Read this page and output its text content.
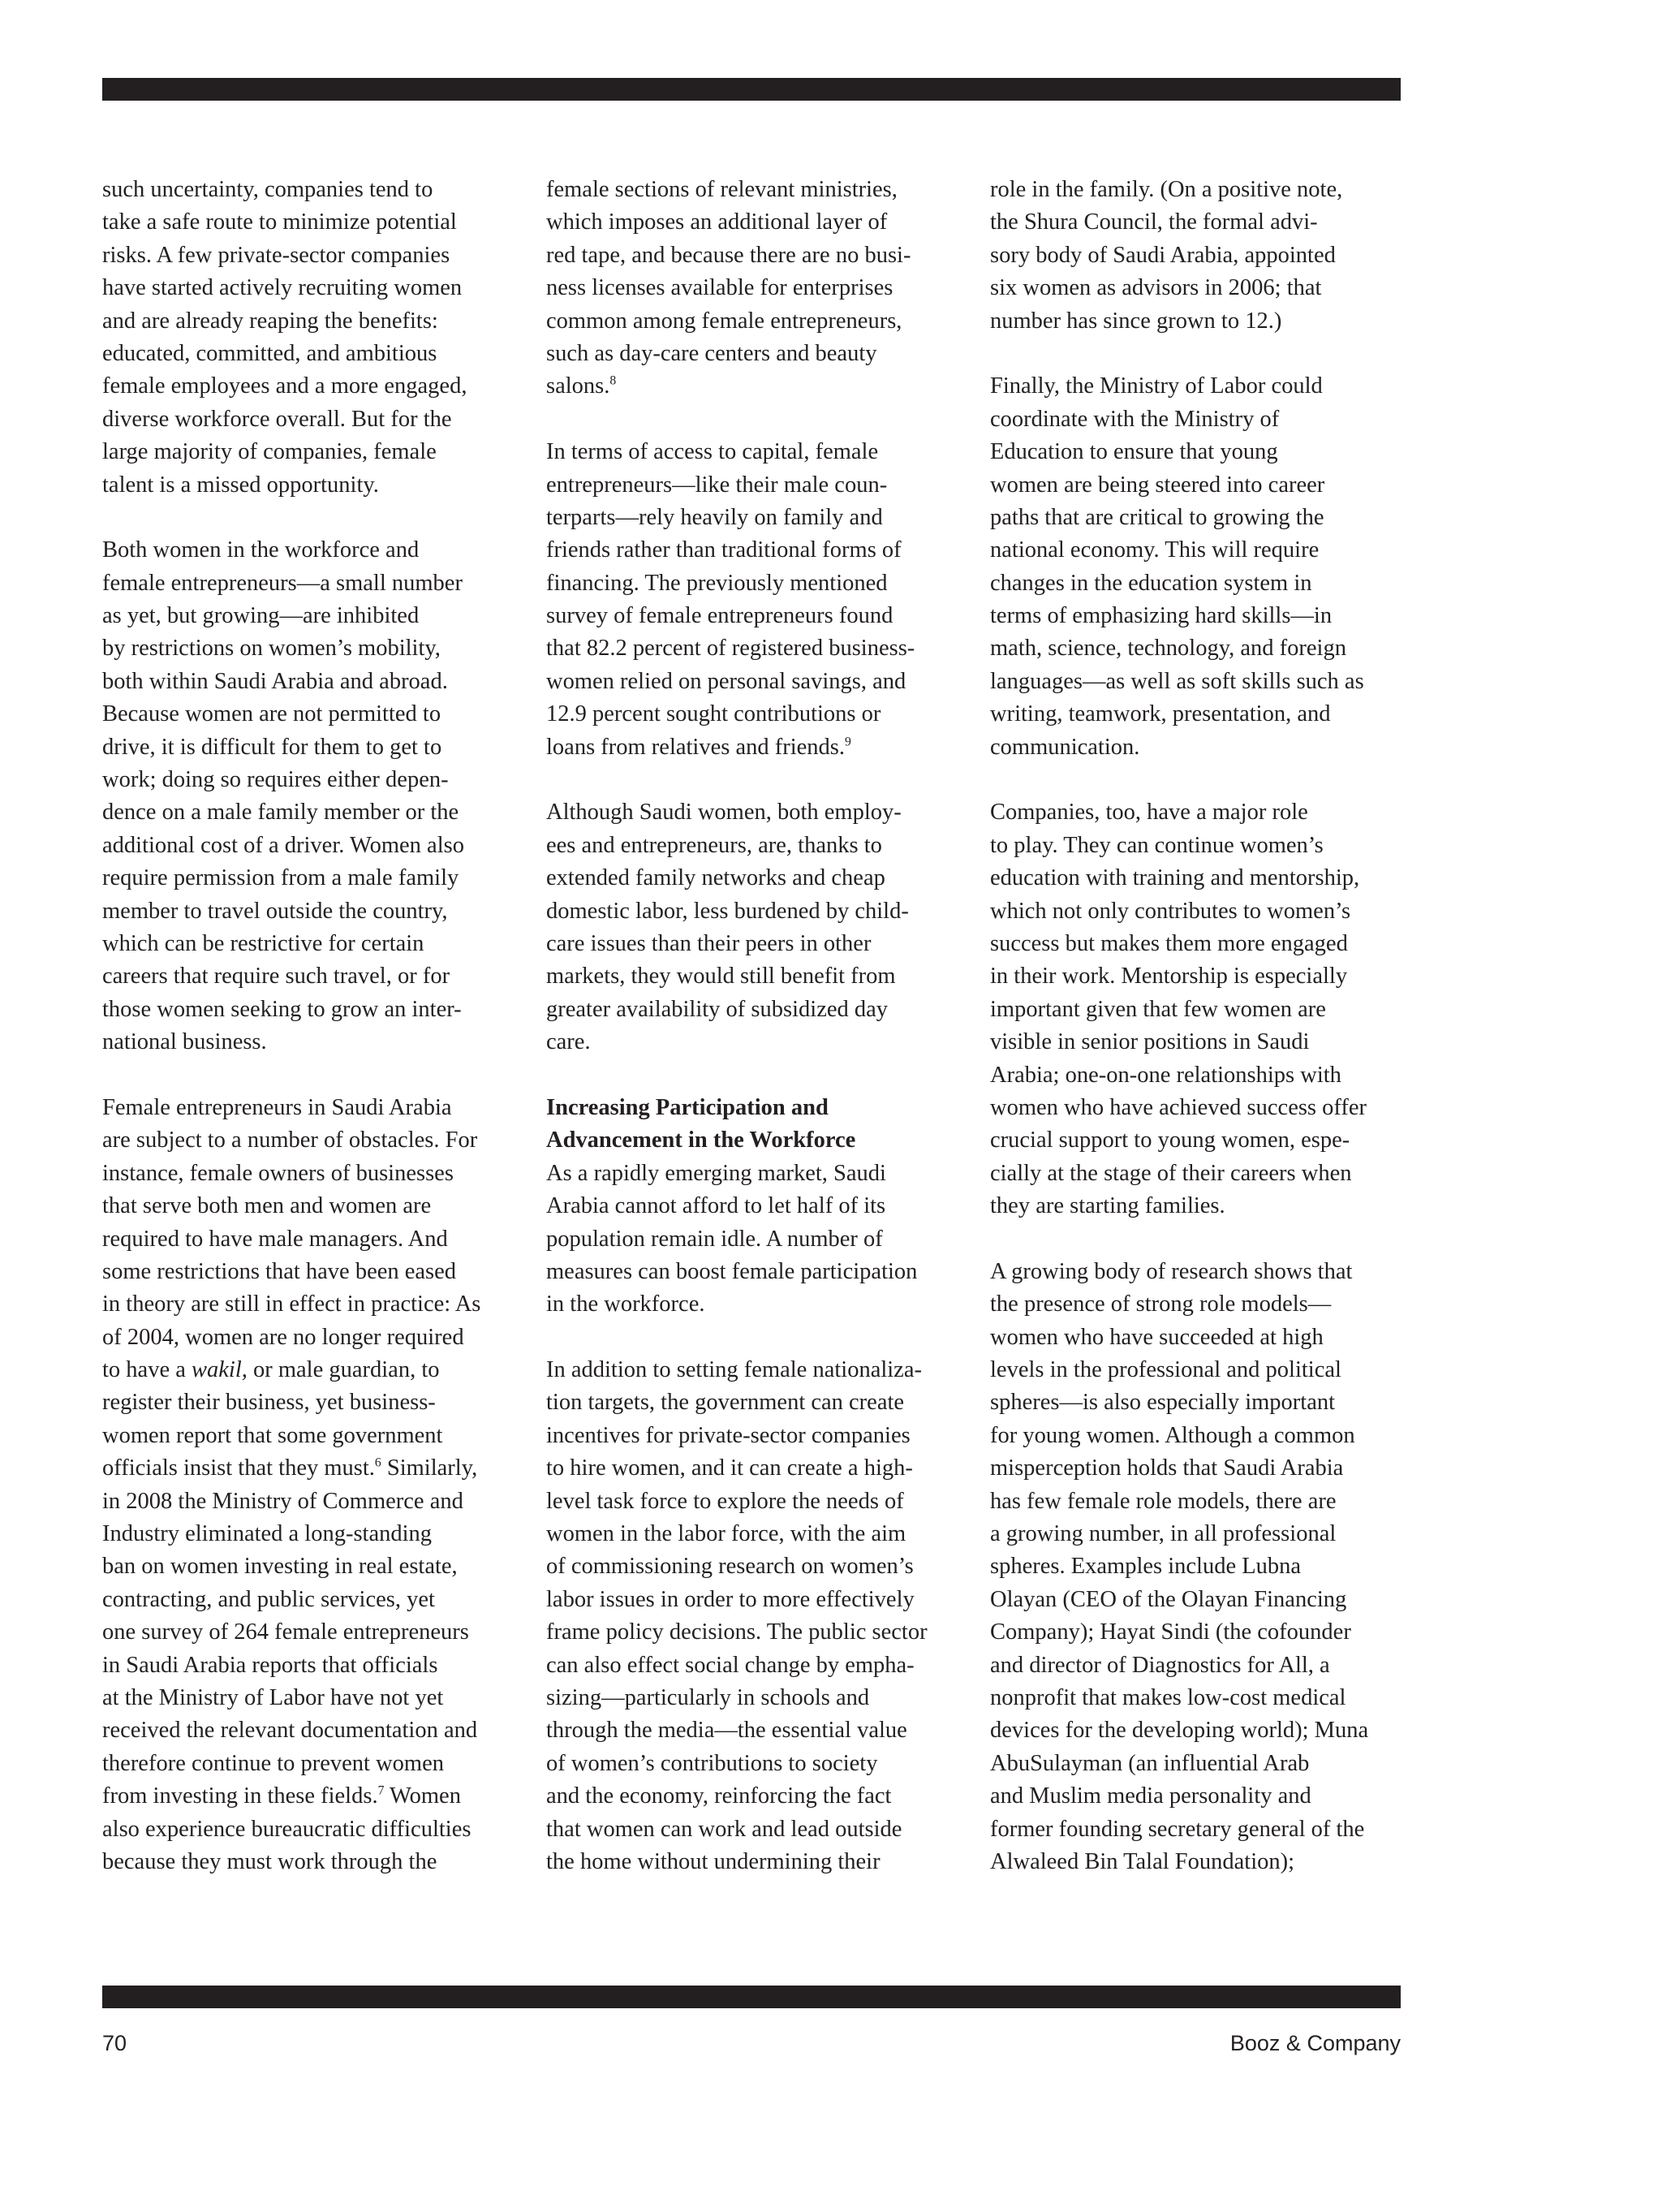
such uncertainty, companies tend to
take a safe route to minimize potential
risks. A few private-sector companies
have started actively recruiting women
and are already reaping the benefits:
educated, committed, and ambitious
female employees and a more engaged,
diverse workforce overall. But for the
large majority of companies, female
talent is a missed opportunity.
Both women in the workforce and
female entrepreneurs—a small number
as yet, but growing—are inhibited
by restrictions on women’s mobility,
both within Saudi Arabia and abroad.
Because women are not permitted to
drive, it is difficult for them to get to
work; doing so requires either depen-
dence on a male family member or the
additional cost of a driver. Women also
require permission from a male family
member to travel outside the country,
which can be restrictive for certain
careers that require such travel, or for
those women seeking to grow an inter-
national business.
Female entrepreneurs in Saudi Arabia
are subject to a number of obstacles. For
instance, female owners of businesses
that serve both men and women are
required to have male managers. And
some restrictions that have been eased
in theory are still in effect in practice: As
of 2004, women are no longer required
to have a wakil, or male guardian, to
register their business, yet business-
women report that some government
officials insist that they must.$^6$ Similarly,
in 2008 the Ministry of Commerce and
Industry eliminated a long-standing
ban on women investing in real estate,
contracting, and public services, yet
one survey of 264 female entrepreneurs
in Saudi Arabia reports that officials
at the Ministry of Labor have not yet
received the relevant documentation and
therefore continue to prevent women
from investing in these fields.$^7$ Women
also experience bureaucratic difficulties
because they must work through the
female sections of relevant ministries,
which imposes an additional layer of
red tape, and because there are no busi-
ness licenses available for enterprises
common among female entrepreneurs,
such as day-care centers and beauty
salons.$^8$
In terms of access to capital, female
entrepreneurs—like their male coun-
terparts—rely heavily on family and
friends rather than traditional forms of
financing. The previously mentioned
survey of female entrepreneurs found
that 82.2 percent of registered business-
women relied on personal savings, and
12.9 percent sought contributions or
loans from relatives and friends.$^9$
Although Saudi women, both employ-
ees and entrepreneurs, are, thanks to
extended family networks and cheap
domestic labor, less burdened by child-
care issues than their peers in other
markets, they would still benefit from
greater availability of subsidized day
care.
Increasing Participation and
Advancement in the Workforce
As a rapidly emerging market, Saudi
Arabia cannot afford to let half of its
population remain idle. A number of
measures can boost female participation
in the workforce.
In addition to setting female nationaliza-
tion targets, the government can create
incentives for private-sector companies
to hire women, and it can create a high-
level task force to explore the needs of
women in the labor force, with the aim
of commissioning research on women’s
labor issues in order to more effectively
frame policy decisions. The public sector
can also effect social change by empha-
sizing—particularly in schools and
through the media—the essential value
of women’s contributions to society
and the economy, reinforcing the fact
that women can work and lead outside
the home without undermining their
role in the family. (On a positive note,
the Shura Council, the formal advi-
sory body of Saudi Arabia, appointed
six women as advisors in 2006; that
number has since grown to 12.)
Finally, the Ministry of Labor could
coordinate with the Ministry of
Education to ensure that young
women are being steered into career
paths that are critical to growing the
national economy. This will require
changes in the education system in
terms of emphasizing hard skills—in
math, science, technology, and foreign
languages—as well as soft skills such as
writing, teamwork, presentation, and
communication.
Companies, too, have a major role
to play. They can continue women’s
education with training and mentorship,
which not only contributes to women’s
success but makes them more engaged
in their work. Mentorship is especially
important given that few women are
visible in senior positions in Saudi
Arabia; one-on-one relationships with
women who have achieved success offer
crucial support to young women, espe-
cially at the stage of their careers when
they are starting families.
A growing body of research shows that
the presence of strong role models—
women who have succeeded at high
levels in the professional and political
spheres—is also especially important
for young women. Although a common
misperception holds that Saudi Arabia
has few female role models, there are
a growing number, in all professional
spheres. Examples include Lubna
Olayan (CEO of the Olayan Financing
Company); Hayat Sindi (the cofounder
and director of Diagnostics for All, a
nonprofit that makes low-cost medical
devices for the developing world); Muna
AbuSulayman (an influential Arab
and Muslim media personality and
former founding secretary general of the
Alwaleed Bin Talal Foundation);
70	Booz & Company
